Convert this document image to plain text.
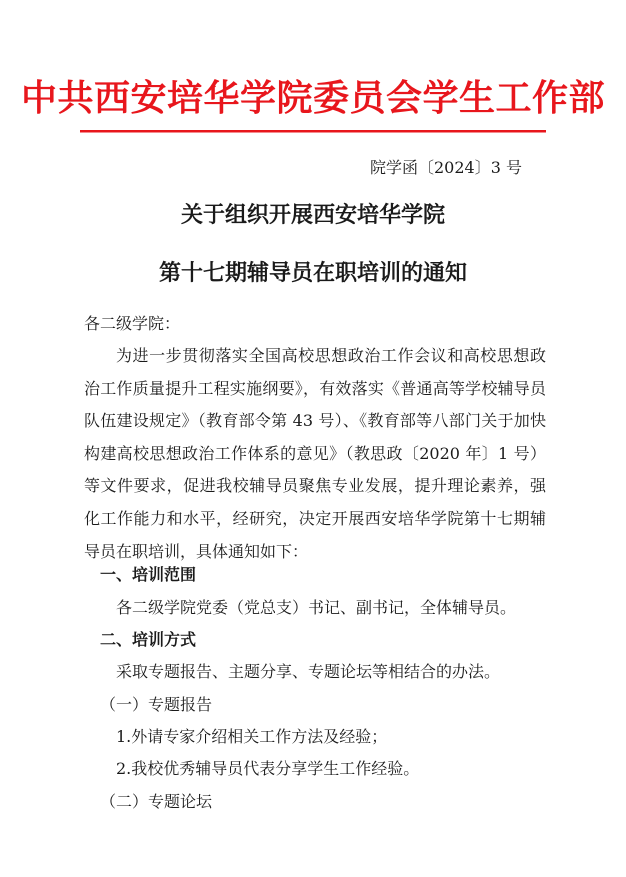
中共西安培华学院委员会学生工作部
院学函〔2024〕3 号
关于组织开展西安培华学院
第十七期辅导员在职培训的通知

各二级学院：

为进一步贯彻落实全国高校思想政治工作会议和高校思想政治工作质量提升工程实施纲要》，有效落实《普通高等学校辅导员队伍建设规定》（教育部令第 43 号）、《教育部等八部门关于加快构建高校思想政治工作体系的意见》（教思政〔2020 年〕1 号）等文件要求，促进我校辅导员聚焦专业发展，提升理论素养，强化工作能力和水平，经研究，决定开展西安培华学院第十七期辅导员在职培训，具体通知如下：

一、培训范围
各二级学院党委（党总支）书记、副书记，全体辅导员。
二、培训方式
采取专题报告、主题分享、专题论坛等相结合的办法。
（一）专题报告
1.外请专家介绍相关工作方法及经验；
2.我校优秀辅导员代表分享学生工作经验。
（二）专题论坛
